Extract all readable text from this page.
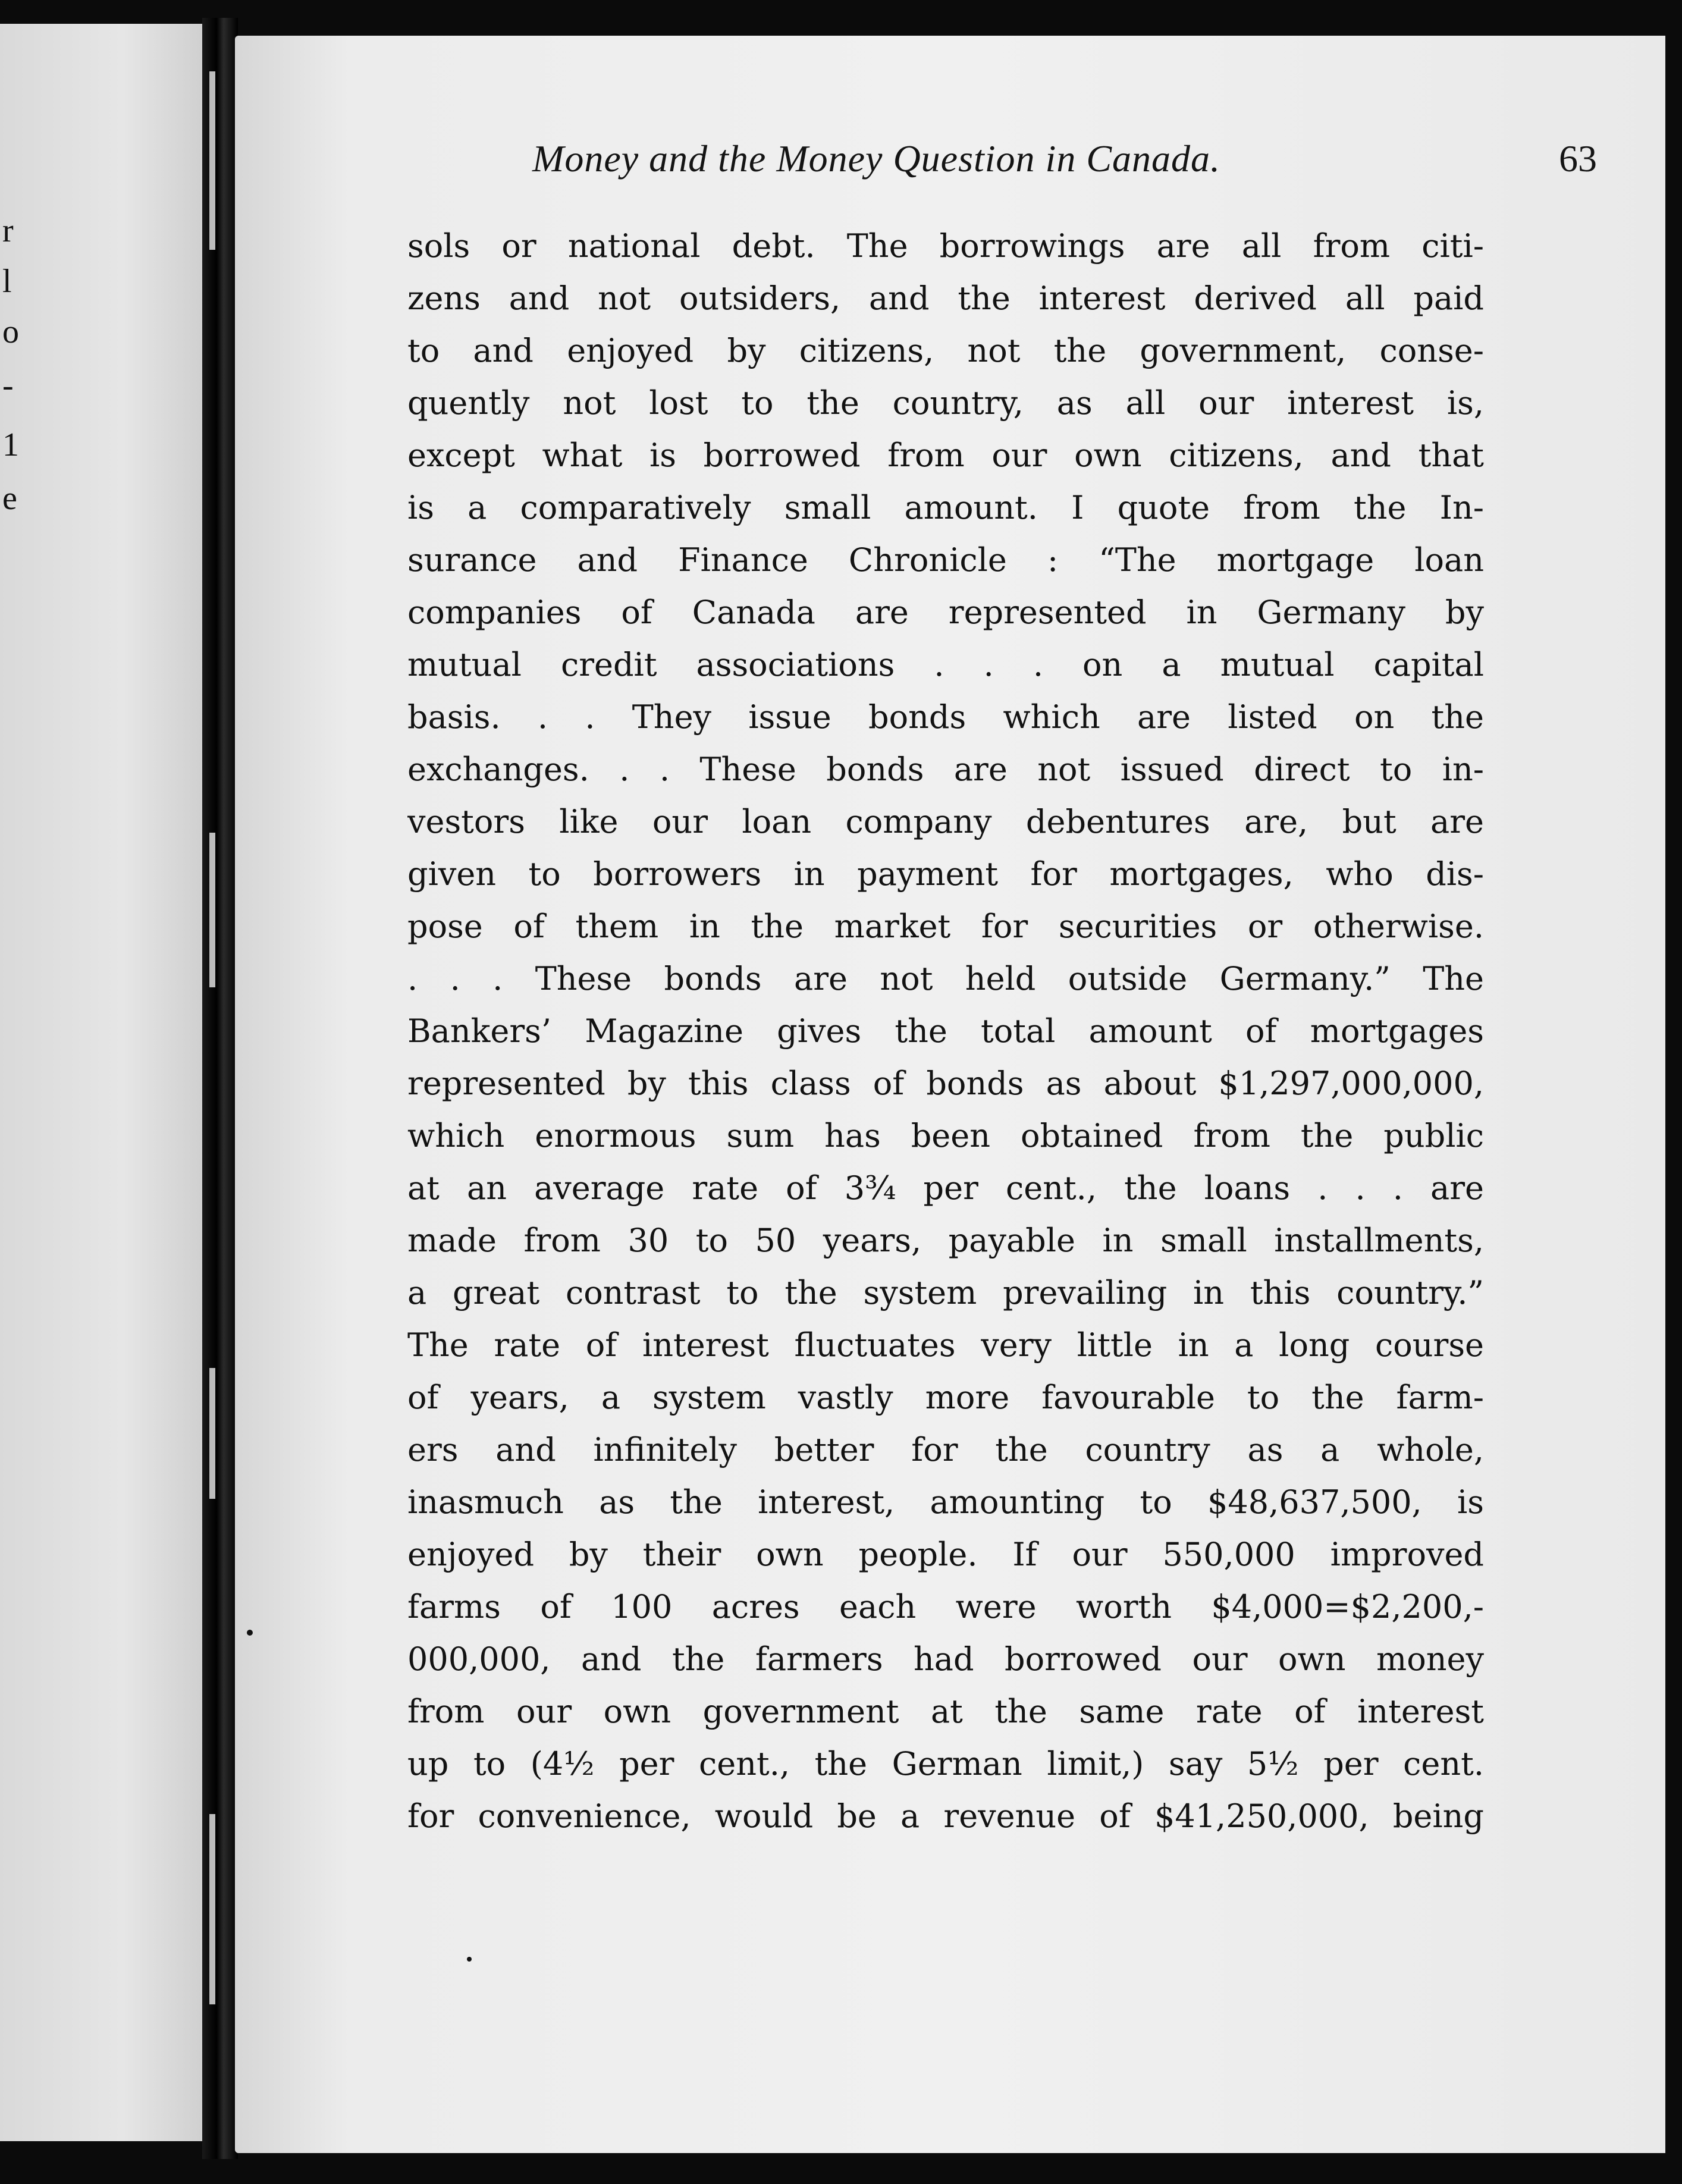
r
l
o
-
1
e
Money and the Money Question in Canada.	63
sols or national debt. The borrowings are all from citi-
zens and not outsiders, and the interest derived all paid
to and enjoyed by citizens, not the government, conse-
quently not lost to the country, as all our interest is,
except what is borrowed from our own citizens, and that
is a comparatively small amount. I quote from the In-
surance and Finance Chronicle : “The mortgage loan
companies of Canada are represented in Germany by
mutual credit associations . . . on a mutual capital
basis. . . They issue bonds which are listed on the
exchanges. . . These bonds are not issued direct to in-
vestors like our loan company debentures are, but are
given to borrowers in payment for mortgages, who dis-
pose of them in the market for securities or otherwise.
. . . These bonds are not held outside Germany.” The
Bankers’ Magazine gives the total amount of mortgages
represented by this class of bonds as about $1,297,000,000,
which enormous sum has been obtained from the public
at an average rate of 3¾ per cent., the loans . . . are
made from 30 to 50 years, payable in small installments,
a great contrast to the system prevailing in this country.”
The rate of interest fluctuates very little in a long course
of years, a system vastly more favourable to the farm-
ers and infinitely better for the country as a whole,
inasmuch as the interest, amounting to $48,637,500, is
enjoyed by their own people. If our 550,000 improved
farms of 100 acres each were worth $4,000=$2,200,-
000,000, and the farmers had borrowed our own money
from our own government at the same rate of interest
up to (4½ per cent., the German limit,) say 5½ per cent.
for convenience, would be a revenue of $41,250,000, being
